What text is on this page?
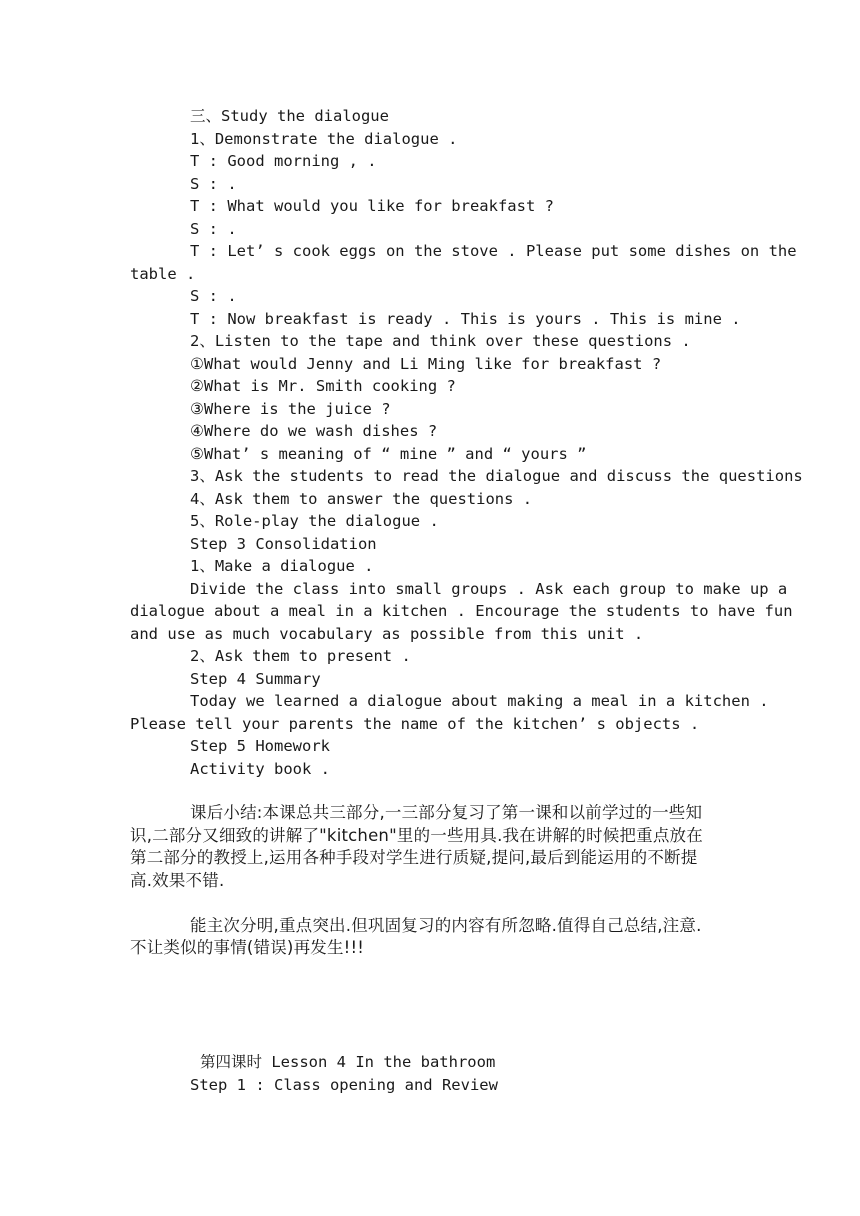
三、Study the dialogue
1、Demonstrate the dialogue .
T : Good morning , .
S : .
T : What would you like for breakfast ?
S : .
T : Let’ s cook eggs on the stove . Please put some dishes on the
table .
S : .
T : Now breakfast is ready . This is yours . This is mine .
2、Listen to the tape and think over these questions .
①What would Jenny and Li Ming like for breakfast ?
②What is Mr. Smith cooking ?
③Where is the juice ?
④Where do we wash dishes ?
⑤What’ s meaning of “ mine ” and “ yours ”
3、Ask the students to read the dialogue and discuss the questions
4、Ask them to answer the questions .
5、Role-play the dialogue .
Step 3 Consolidation
1、Make a dialogue .
Divide the class into small groups . Ask each group to make up a
dialogue about a meal in a kitchen . Encourage the students to have fun
and use as much vocabulary as possible from this unit .
2、Ask them to present .
Step 4 Summary
Today we learned a dialogue about making a meal in a kitchen .
Please tell your parents the name of the kitchen’ s objects .
Step 5 Homework
Activity book .
课后小结:本课总共三部分,一三部分复习了第一课和以前学过的一些知
识,二部分又细致的讲解了"kitchen"里的一些用具.我在讲解的时候把重点放在
第二部分的教授上,运用各种手段对学生进行质疑,提问,最后到能运用的不断提
高.效果不错.
能主次分明,重点突出.但巩固复习的内容有所忽略.值得自己总结,注意.
不让类似的事情(错误)再发生!!!
第四课时 Lesson 4 In the bathroom
Step 1 : Class opening and Review
